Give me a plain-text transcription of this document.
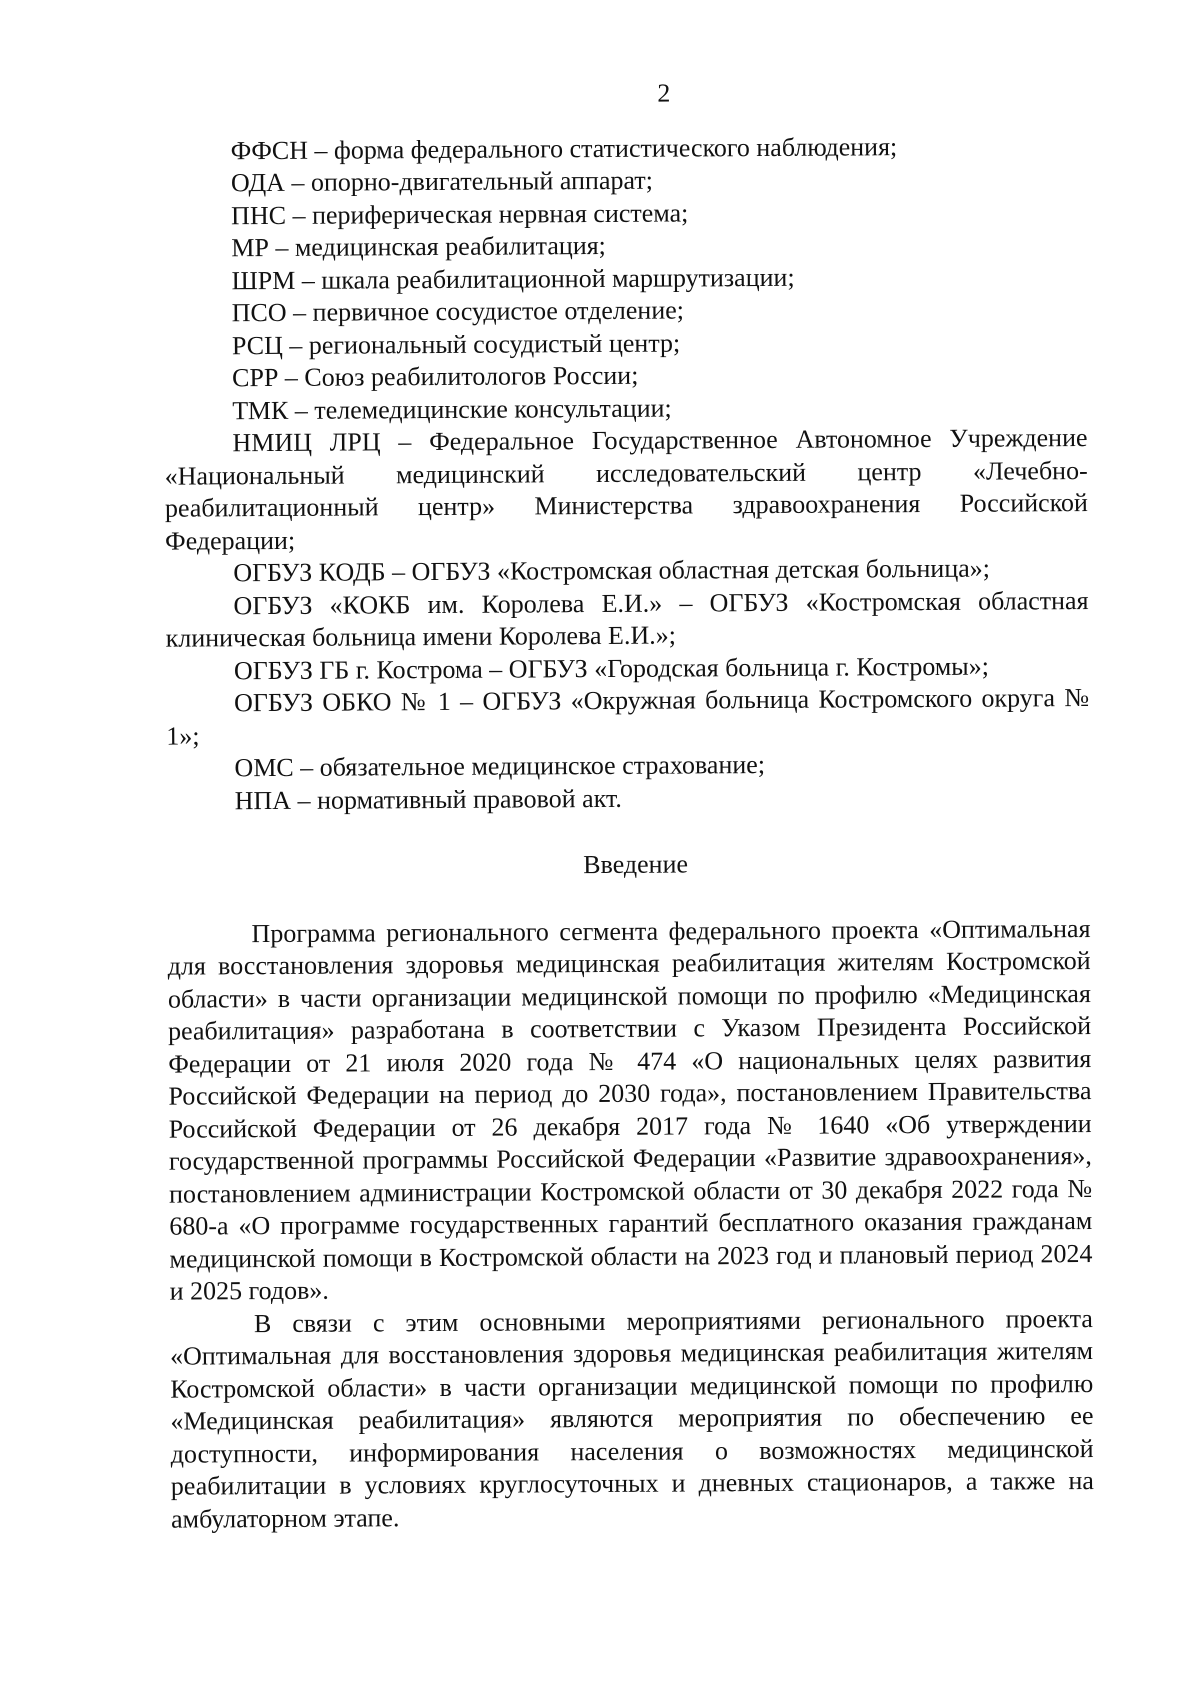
2

ФФСН – форма федерального статистического наблюдения;

ОДА – опорно-двигательный аппарат;

ПНС – периферическая нервная система;

МР – медицинская реабилитация;

ШРМ – шкала реабилитационной маршрутизации;

ПСО – первичное сосудистое отделение;

РСЦ – региональный сосудистый центр;

СРР – Союз реабилитологов России;

ТМК – телемедицинские консультации;

НМИЦ ЛРЦ – Федеральное Государственное Автономное Учреждение «Национальный медицинский исследовательский центр «Лечебно-реабилитационный центр» Министерства здравоохранения Российской Федерации;

ОГБУЗ КОДБ – ОГБУЗ «Костромская областная детская больница»;

ОГБУЗ «КОКБ им. Королева Е.И.» – ОГБУЗ «Костромская областная клиническая больница имени Королева Е.И.»;

ОГБУЗ ГБ г. Кострома – ОГБУЗ «Городская больница г. Костромы»;

ОГБУЗ ОБКО № 1 – ОГБУЗ «Окружная больница Костромского округа № 1»;

ОМС – обязательное медицинское страхование;

НПА – нормативный правовой акт.

Введение

Программа регионального сегмента федерального проекта «Оптимальная для восстановления здоровья медицинская реабилитация жителям Костромской области» в части организации медицинской помощи по профилю «Медицинская реабилитация» разработана в соответствии с Указом Президента Российской Федерации от 21 июля 2020 года № 474 «О национальных целях развития Российской Федерации на период до 2030 года», постановлением Правительства Российской Федерации от 26 декабря 2017 года № 1640 «Об утверждении государственной программы Российской Федерации «Развитие здравоохранения», постановлением администрации Костромской области от 30 декабря 2022 года № 680-а «О программе государственных гарантий бесплатного оказания гражданам медицинской помощи в Костромской области на 2023 год и плановый период 2024 и 2025 годов».

В связи с этим основными мероприятиями регионального проекта «Оптимальная для восстановления здоровья медицинская реабилитация жителям Костромской области» в части организации медицинской помощи по профилю «Медицинская реабилитация» являются мероприятия по обеспечению ее доступности, информирования населения о возможностях медицинской реабилитации в условиях круглосуточных и дневных стационаров, а также на амбулаторном этапе.
